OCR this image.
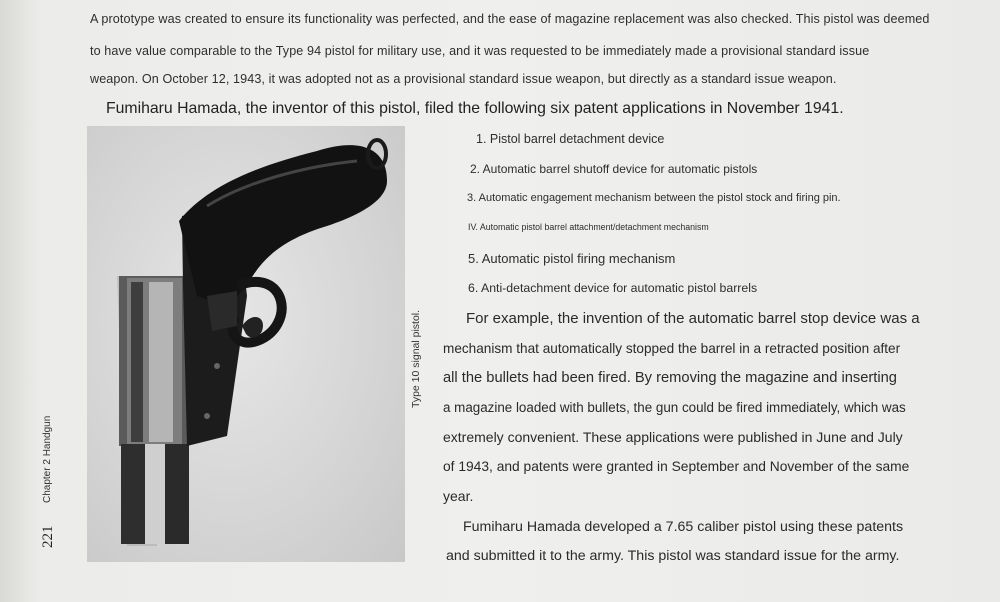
A prototype was created to ensure its functionality was perfected, and the ease of magazine replacement was also checked. This pistol was deemed
to have value comparable to the Type 94 pistol for military use, and it was requested to be immediately made a provisional standard issue
weapon. On October 12, 1943, it was adopted not as a provisional standard issue weapon, but directly as a standard issue weapon.
Fumiharu Hamada, the inventor of this pistol, filed the following six patent applications in November 1941.
Type 10 signal pistol.
1. Pistol barrel detachment device
2. Automatic barrel shutoff device for automatic pistols
3. Automatic engagement mechanism between the pistol stock and firing pin.
IV. Automatic pistol barrel attachment/detachment mechanism
5. Automatic pistol firing mechanism
6. Anti-detachment device for automatic pistol barrels
For example, the invention of the automatic barrel stop device was a
mechanism that automatically stopped the barrel in a retracted position after
all the bullets had been fired. By removing the magazine and inserting
a magazine loaded with bullets, the gun could be fired immediately, which was
extremely convenient. These applications were published in June and July
of 1943, and patents were granted in September and November of the same
year.
Fumiharu Hamada developed a 7.65 caliber pistol using these patents
and submitted it to the army. This pistol was standard issue for the army.
221
Chapter 2 Handgun
